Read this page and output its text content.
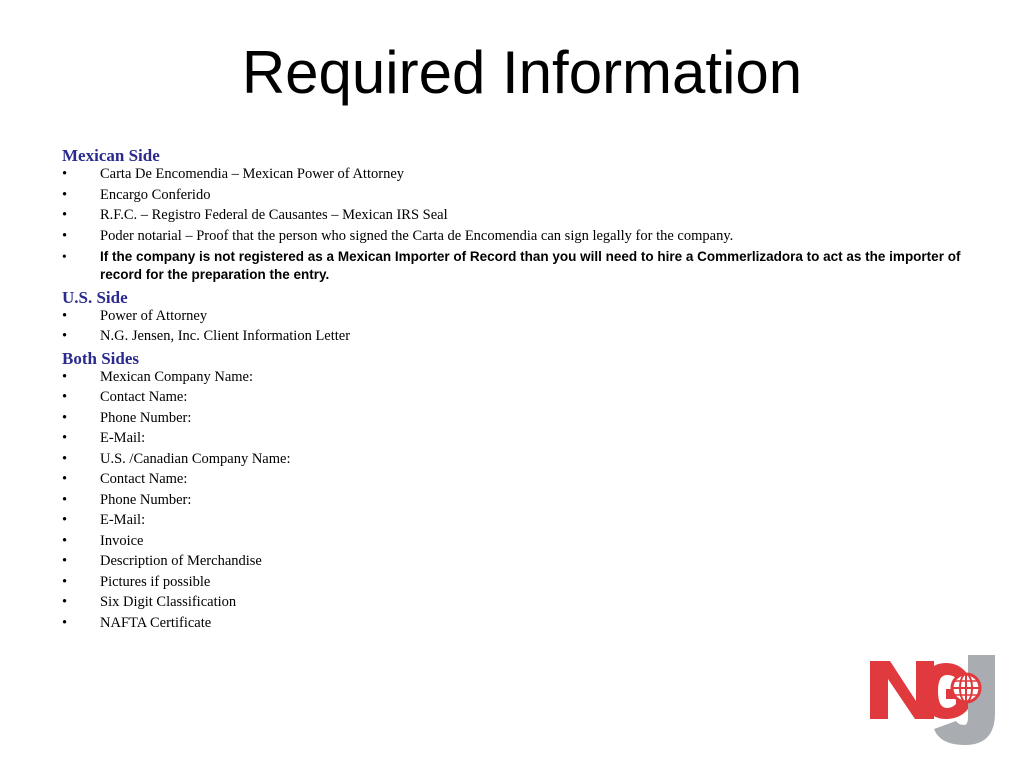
Required Information
Mexican Side
•	Carta De Encomendia – Mexican Power of Attorney
•	Encargo Conferido
•	R.F.C. – Registro Federal de Causantes – Mexican IRS Seal
•	Poder notarial – Proof that the person who signed the Carta de Encomendia can sign legally for the company.
•	If the company is not registered as a Mexican Importer of Record than you will need to hire a Commerlizadora to act as the importer of record for the preparation the entry.
U.S. Side
•	Power of Attorney
•	N.G. Jensen, Inc. Client Information Letter
Both Sides
•	Mexican Company Name:
•	Contact Name:
•	Phone Number:
•	E-Mail:
•	U.S. /Canadian Company Name:
•	Contact Name:
•	Phone Number:
•	E-Mail:
•	Invoice
•	Description of Merchandise
•	Pictures if possible
•	Six Digit Classification
•	NAFTA Certificate
